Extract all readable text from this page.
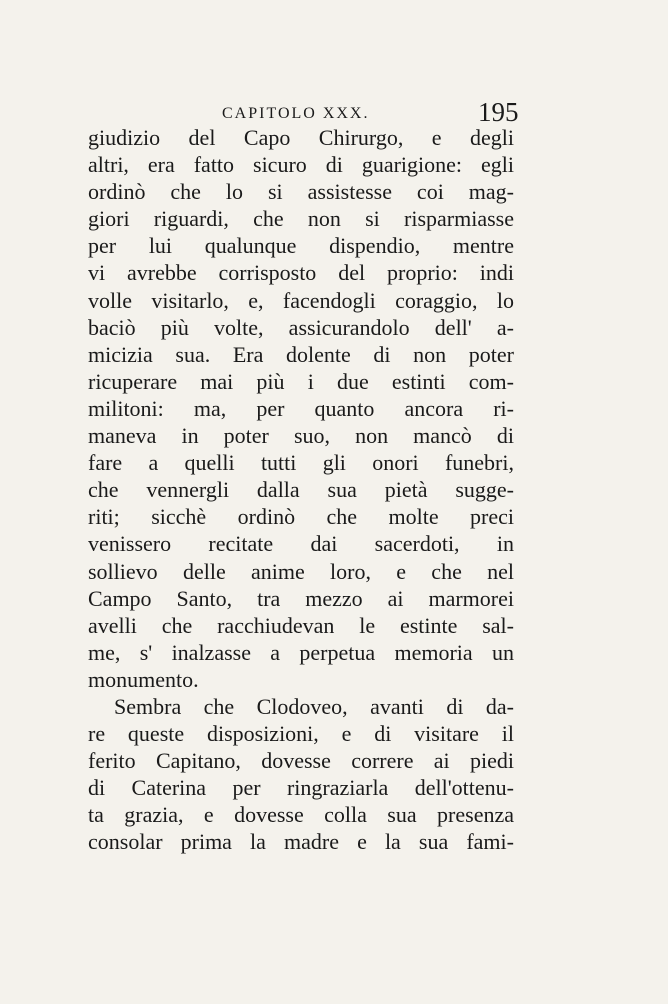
CAPITOLO XXX.	195
giudizio del Capo Chirurgo, e degli
altri, era fatto sicuro di guarigione: egli
ordinò che lo si assistesse coi mag-
giori riguardi, che non si risparmiasse
per lui qualunque dispendio, mentre
vi avrebbe corrisposto del proprio: indi
volle visitarlo, e, facendogli coraggio, lo
baciò più volte, assicurandolo dell' a-
micizia sua. Era dolente di non poter
ricuperare mai più i due estinti com-
militoni: ma, per quanto ancora ri-
maneva in poter suo, non mancò di
fare a quelli tutti gli onori funebri,
che vennergli dalla sua pietà sugge-
riti; sicchè ordinò che molte preci
venissero recitate dai sacerdoti, in
sollievo delle anime loro, e che nel
Campo Santo, tra mezzo ai marmorei
avelli che racchiudevan le estinte sal-
me, s' inalzasse a perpetua memoria un
monumento.
Sembra che Clodoveo, avanti di da-
re queste disposizioni, e di visitare il
ferito Capitano, dovesse correre ai piedi
di Caterina per ringraziarla dell'ottenu-
ta grazia, e dovesse colla sua presenza
consolar prima la madre e la sua fami-
